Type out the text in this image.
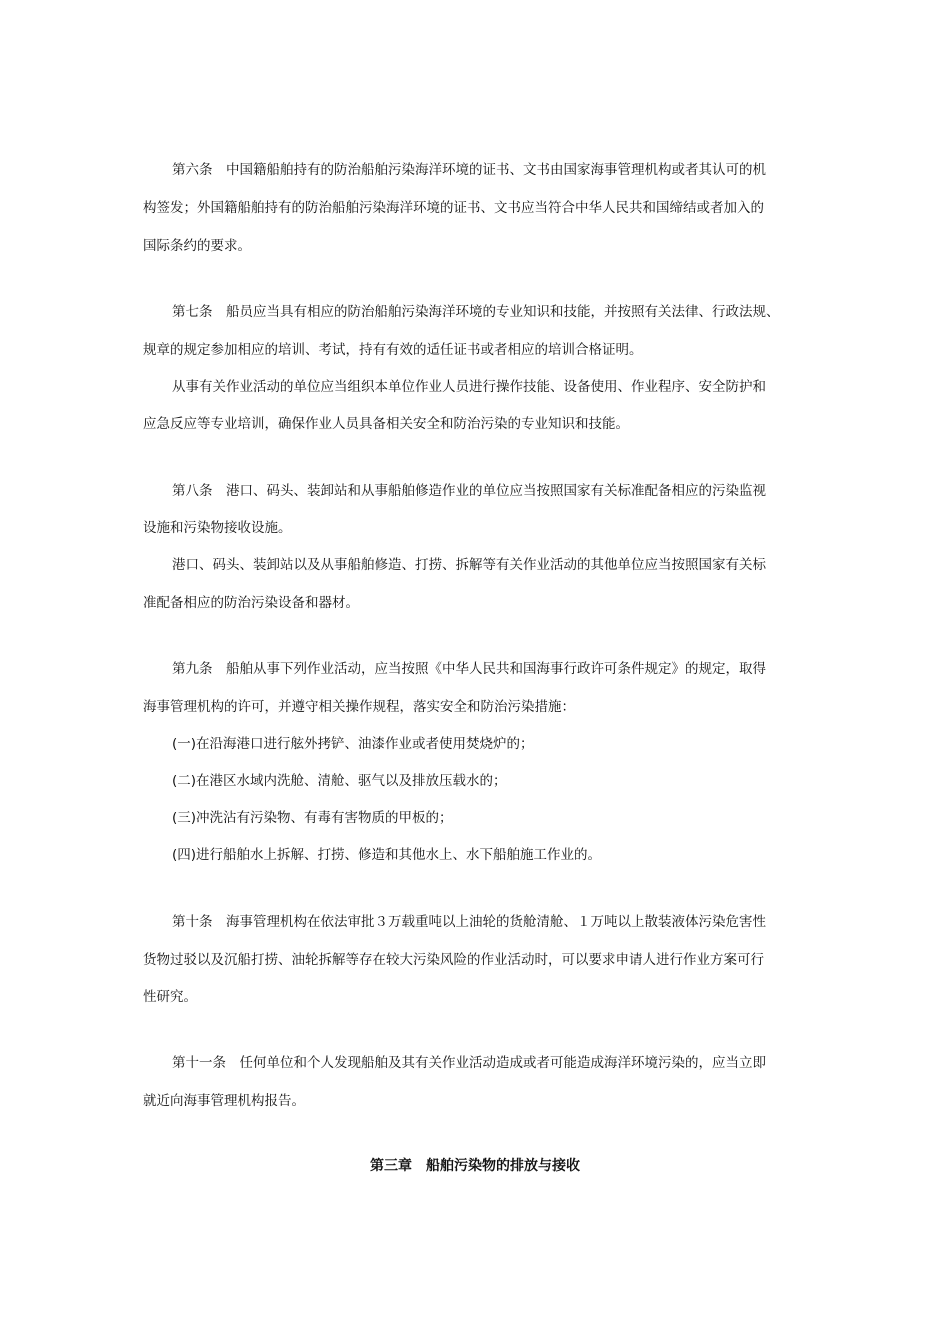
第六条　中国籍船舶持有的防治船舶污染海洋环境的证书、文书由国家海事管理机构或者其认可的机
构签发；外国籍船舶持有的防治船舶污染海洋环境的证书、文书应当符合中华人民共和国缔结或者加入的
国际条约的要求。
第七条　船员应当具有相应的防治船舶污染海洋环境的专业知识和技能，并按照有关法律、行政法规、
规章的规定参加相应的培训、考试，持有有效的适任证书或者相应的培训合格证明。
从事有关作业活动的单位应当组织本单位作业人员进行操作技能、设备使用、作业程序、安全防护和
应急反应等专业培训，确保作业人员具备相关安全和防治污染的专业知识和技能。
第八条　港口、码头、装卸站和从事船舶修造作业的单位应当按照国家有关标准配备相应的污染监视
设施和污染物接收设施。
港口、码头、装卸站以及从事船舶修造、打捞、拆解等有关作业活动的其他单位应当按照国家有关标
准配备相应的防治污染设备和器材。
第九条　船舶从事下列作业活动，应当按照《中华人民共和国海事行政许可条件规定》的规定，取得
海事管理机构的许可，并遵守相关操作规程，落实安全和防治污染措施：
(一)在沿海港口进行舷外拷铲、油漆作业或者使用焚烧炉的；
(二)在港区水域内洗舱、清舱、驱气以及排放压载水的；
(三)冲洗沾有污染物、有毒有害物质的甲板的；
(四)进行船舶水上拆解、打捞、修造和其他水上、水下船舶施工作业的。
第十条　海事管理机构在依法审批３万载重吨以上油轮的货舱清舱、１万吨以上散装液体污染危害性
货物过驳以及沉船打捞、油轮拆解等存在较大污染风险的作业活动时，可以要求申请人进行作业方案可行
性研究。
第十一条　任何单位和个人发现船舶及其有关作业活动造成或者可能造成海洋环境污染的，应当立即
就近向海事管理机构报告。
第三章　船舶污染物的排放与接收
